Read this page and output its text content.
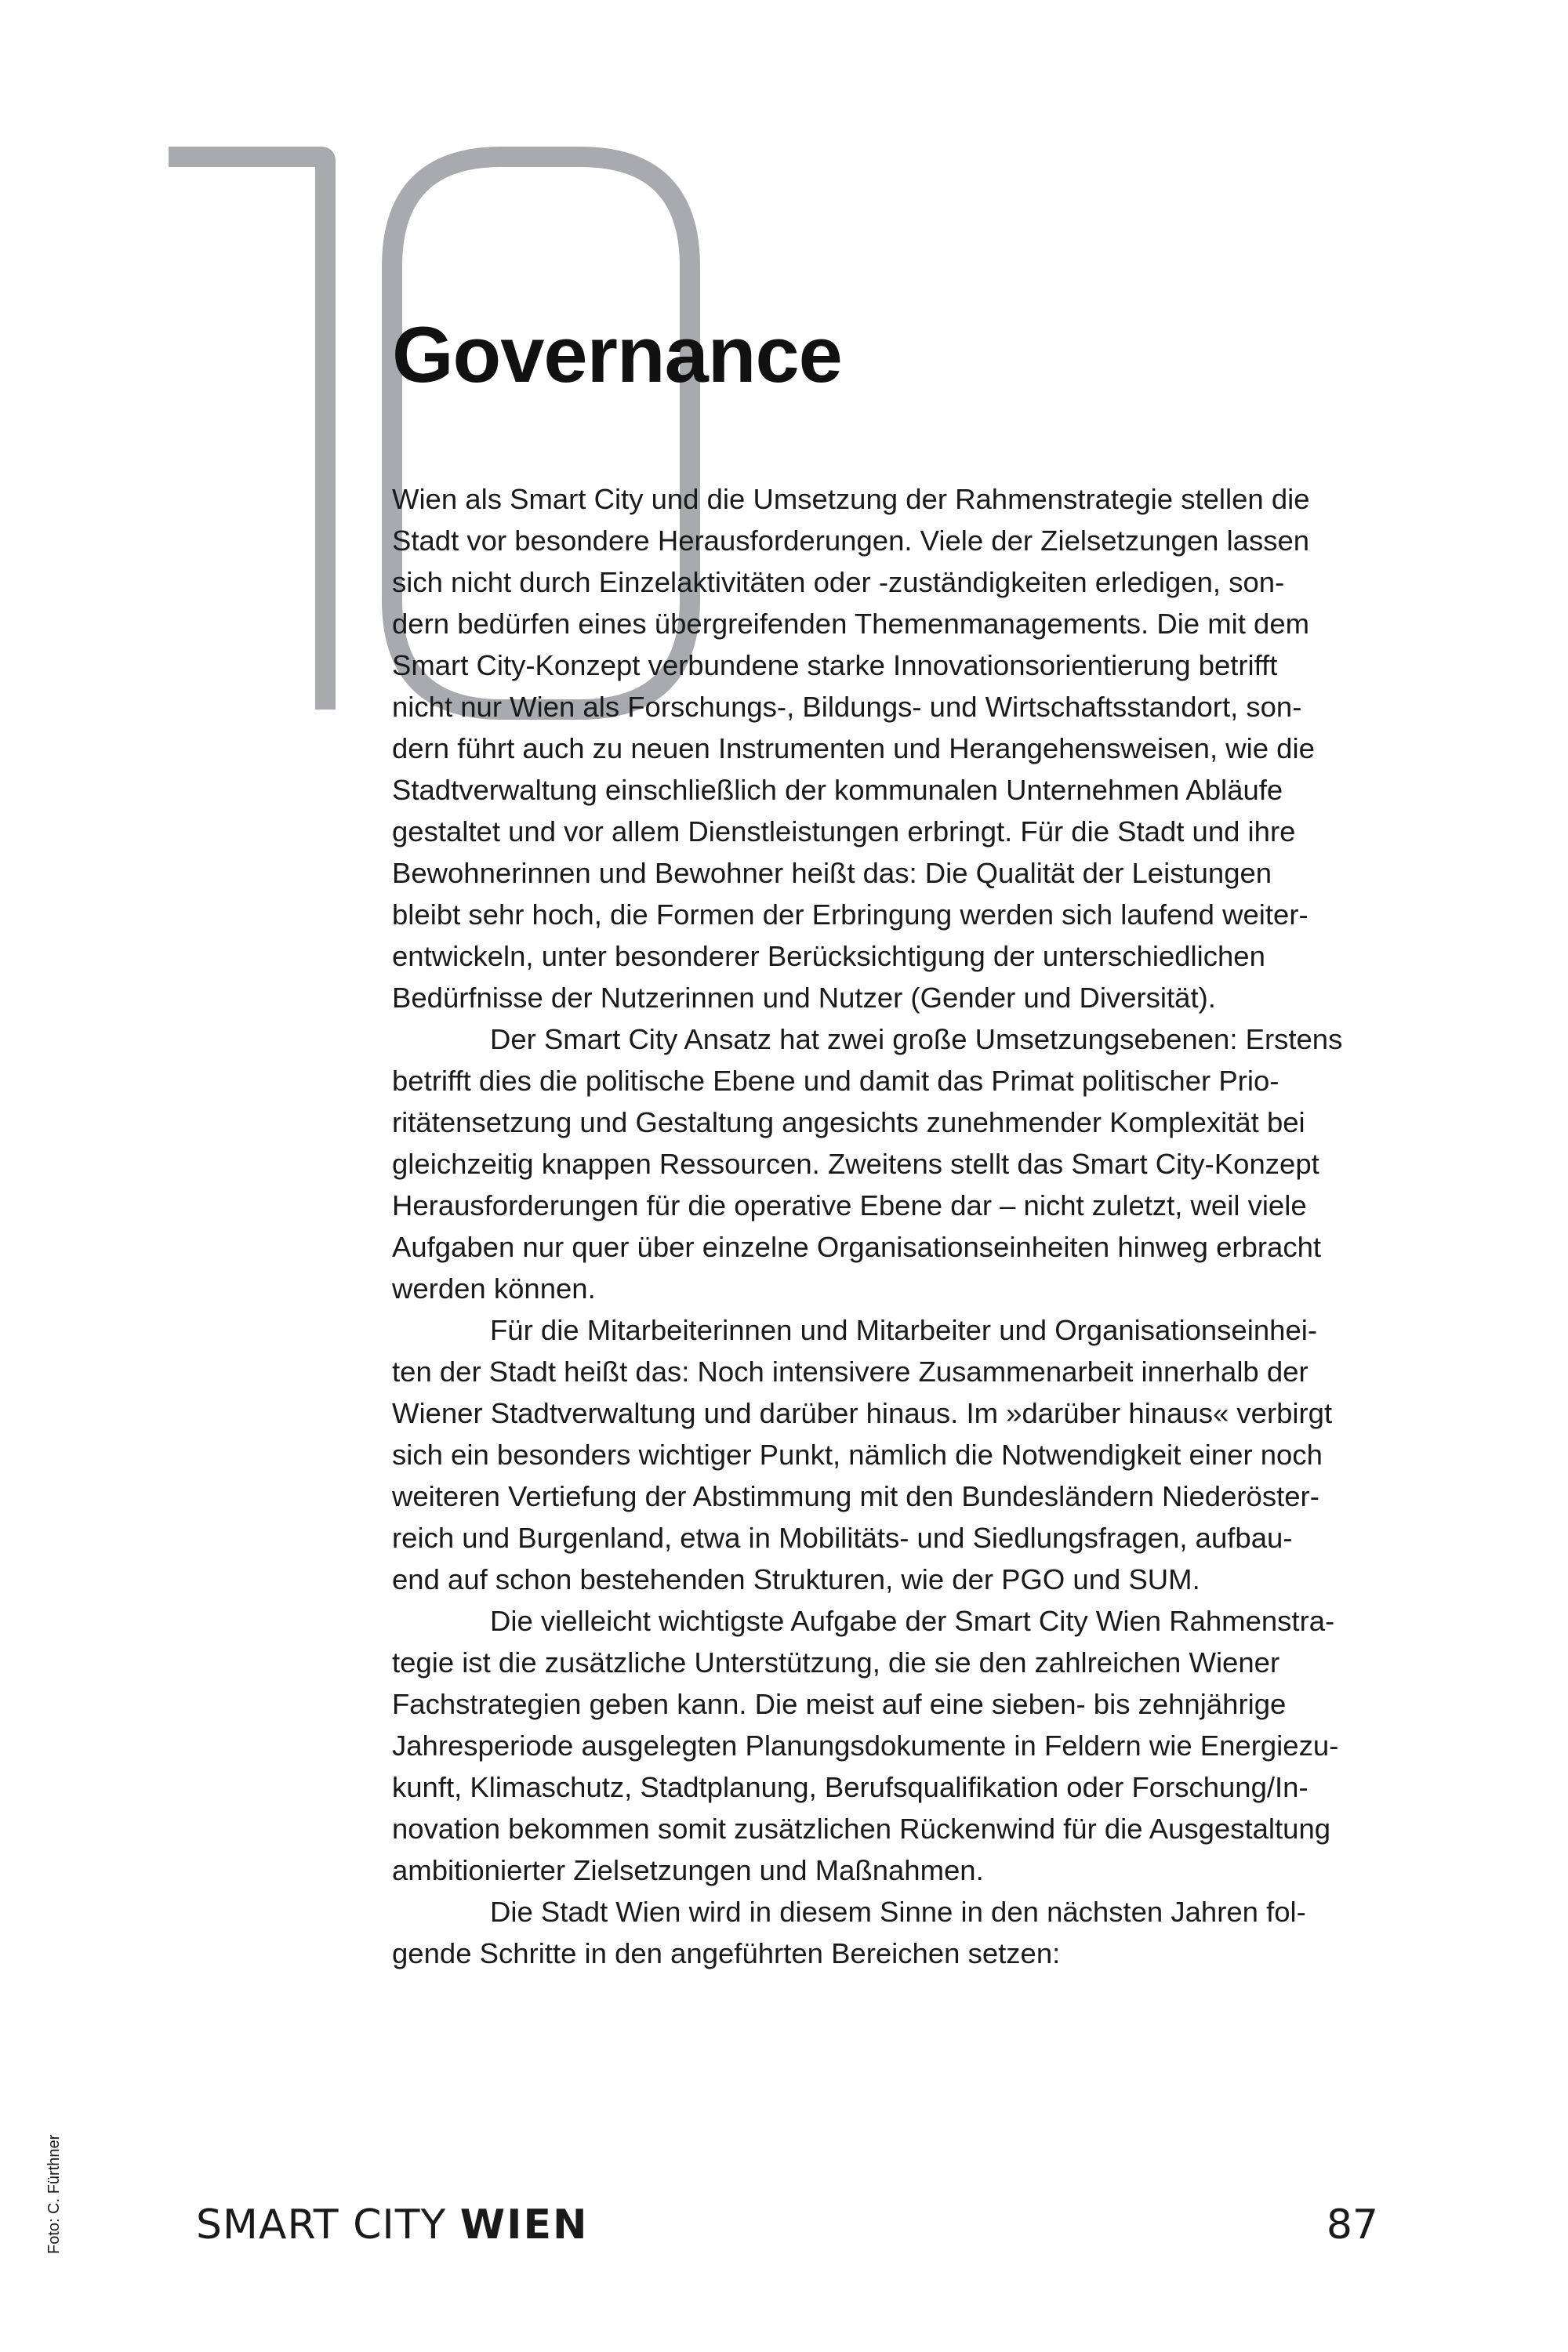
Governance

Wien als Smart City und die Umsetzung der Rahmenstrategie stellen die
Stadt vor besondere Herausforderungen. Viele der Zielsetzungen lassen
sich nicht durch Einzelaktivitäten oder -zuständigkeiten erledigen, son-
dern bedürfen eines übergreifenden Themenmanagements. Die mit dem
Smart City-Konzept verbundene starke Innovationsorientierung betrifft
nicht nur Wien als Forschungs-, Bildungs- und Wirtschaftsstandort, son-
dern führt auch zu neuen Instrumenten und Herangehensweisen, wie die
Stadtverwaltung einschließlich der kommunalen Unternehmen Abläufe
gestaltet und vor allem Dienstleistungen erbringt. Für die Stadt und ihre
Bewohnerinnen und Bewohner heißt das: Die Qualität der Leistungen
bleibt sehr hoch, die Formen der Erbringung werden sich laufend weiter-
entwickeln, unter besonderer Berücksichtigung der unterschiedlichen
Bedürfnisse der Nutzerinnen und Nutzer (Gender und Diversität).

Der Smart City Ansatz hat zwei große Umsetzungsebenen: Erstens
betrifft dies die politische Ebene und damit das Primat politischer Prio-
ritätensetzung und Gestaltung angesichts zunehmender Komplexität bei
gleichzeitig knappen Ressourcen. Zweitens stellt das Smart City-Konzept
Herausforderungen für die operative Ebene dar – nicht zuletzt, weil viele
Aufgaben nur quer über einzelne Organisationseinheiten hinweg erbracht
werden können.

Für die Mitarbeiterinnen und Mitarbeiter und Organisationseinhei-
ten der Stadt heißt das: Noch intensivere Zusammenarbeit innerhalb der
Wiener Stadtverwaltung und darüber hinaus. Im »darüber hinaus« verbirgt
sich ein besonders wichtiger Punkt, nämlich die Notwendigkeit einer noch
weiteren Vertiefung der Abstimmung mit den Bundesländern Niederöster-
reich und Burgenland, etwa in Mobilitäts- und Siedlungsfragen, aufbau-
end auf schon bestehenden Strukturen, wie der PGO und SUM.

Die vielleicht wichtigste Aufgabe der Smart City Wien Rahmenstra-
tegie ist die zusätzliche Unterstützung, die sie den zahlreichen Wiener
Fachstrategien geben kann. Die meist auf eine sieben- bis zehnjährige
Jahresperiode ausgelegten Planungsdokumente in Feldern wie Energiezu-
kunft, Klimaschutz, Stadtplanung, Berufsqualifikation oder Forschung/In-
novation bekommen somit zusätzlichen Rückenwind für die Ausgestaltung
ambitionierter Zielsetzungen und Maßnahmen.

Die Stadt Wien wird in diesem Sinne in den nächsten Jahren fol-
gende Schritte in den angeführten Bereichen setzen:

Foto: C. Fürthner	SMART CITY WIEN	87
